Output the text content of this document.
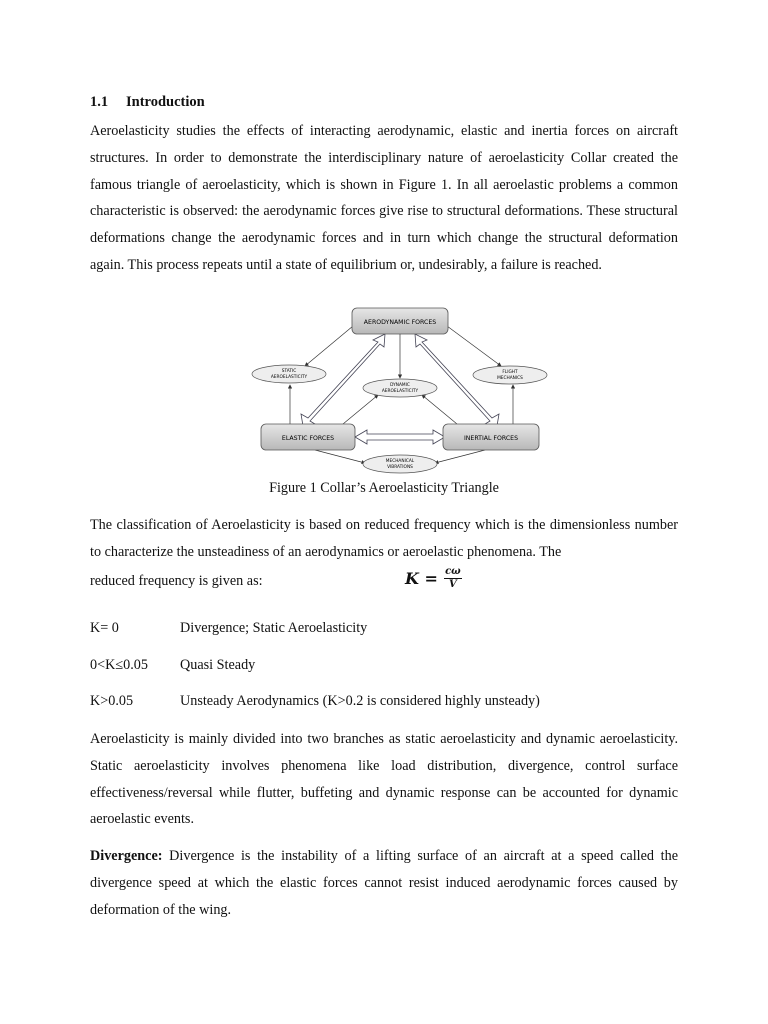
1.1 Introduction

Aeroelasticity studies the effects of interacting aerodynamic, elastic and inertia forces on aircraft structures. In order to demonstrate the interdisciplinary nature of aeroelasticity Collar created the famous triangle of aeroelasticity, which is shown in Figure 1. In all aeroelastic problems a common characteristic is observed: the aerodynamic forces give rise to structural deformations. These structural deformations change the aerodynamic forces and in turn which change the structural deformation again. This process repeats until a state of equilibrium or, undesirably, a failure is reached.

AERODYNAMIC FORCES
ELASTIC FORCES	INERTIAL FORCES
STATIC
AEROELASTICITY
DYNAMIC
AEROELASTICITY
FLIGHT
MECHANICS
MECHANICAL
VIBRATIONS
Figure 1 Collar’s Aeroelasticity Triangle

The classification of Aeroelasticity is based on reduced frequency which is the dimensionless number to characterize the unsteadiness of an aerodynamics or aeroelastic phenomena. The

reduced frequency is given as:	$K = \frac{c\omega}{V}$
K= 0	Divergence; Static Aeroelasticity
0<K≤0.05 Quasi Steady
K>0.05	Unsteady Aerodynamics (K>0.2 is considered highly unsteady)

Aeroelasticity is mainly divided into two branches as static aeroelasticity and dynamic aeroelasticity. Static aeroelasticity involves phenomena like load distribution, divergence, control surface effectiveness/reversal while flutter, buffeting and dynamic response can be accounted for dynamic aeroelastic events.

Divergence: Divergence is the instability of a lifting surface of an aircraft at a speed called the divergence speed at which the elastic forces cannot resist induced aerodynamic forces caused by deformation of the wing.
